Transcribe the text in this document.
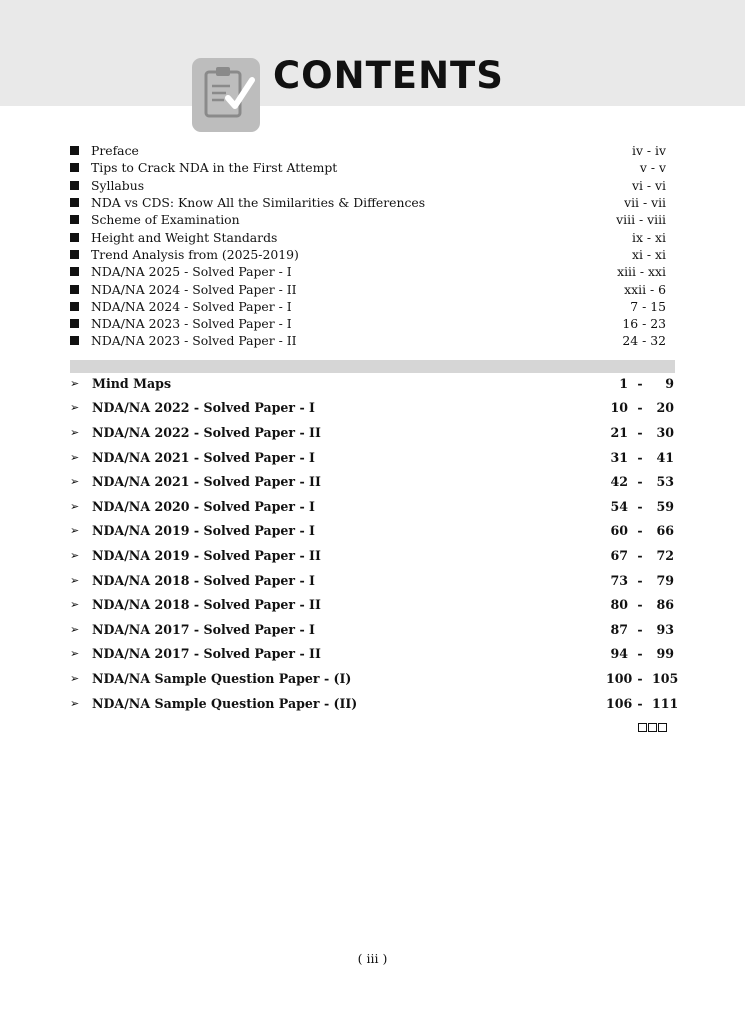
CONTENTS
Preface	iv - iv
Tips to Crack NDA in the First Attempt	v - v
Syllabus	vi - vi
NDA vs CDS: Know All the Similarities & Differences	vii - vii
Scheme of Examination	viii - viii
Height and Weight Standards	ix - xi
Trend Analysis from (2025-2019)	xi - xi
NDA/NA 2025 - Solved Paper - I	xiii - xxi
NDA/NA 2024 - Solved Paper - II	xxii - 6
NDA/NA 2024 - Solved Paper - I	7 - 15
NDA/NA 2023 - Solved Paper - I	16 - 23
NDA/NA 2023 - Solved Paper - II	24 - 32
➢	Mind Maps	1 -	9
➢	NDA/NA 2022 - Solved Paper - I	10 -	20
➢	NDA/NA 2022 - Solved Paper - II	21 -	30
➢	NDA/NA 2021 - Solved Paper - I	31 -	41
➢	NDA/NA 2021 - Solved Paper - II	42 -	53
➢	NDA/NA 2020 - Solved Paper - I	54 -	59
➢	NDA/NA 2019 - Solved Paper - I	60 -	66
➢	NDA/NA 2019 - Solved Paper - II	67 -	72
➢	NDA/NA 2018 - Solved Paper - I	73 -	79
➢	NDA/NA 2018 - Solved Paper - II	80 -	86
➢	NDA/NA 2017 - Solved Paper - I	87 -	93
➢	NDA/NA 2017 - Solved Paper - II	94 -	99
➢	NDA/NA Sample Question Paper - (I)	100 - 105
➢	NDA/NA Sample Question Paper - (II)	106 - 111
( iii )
